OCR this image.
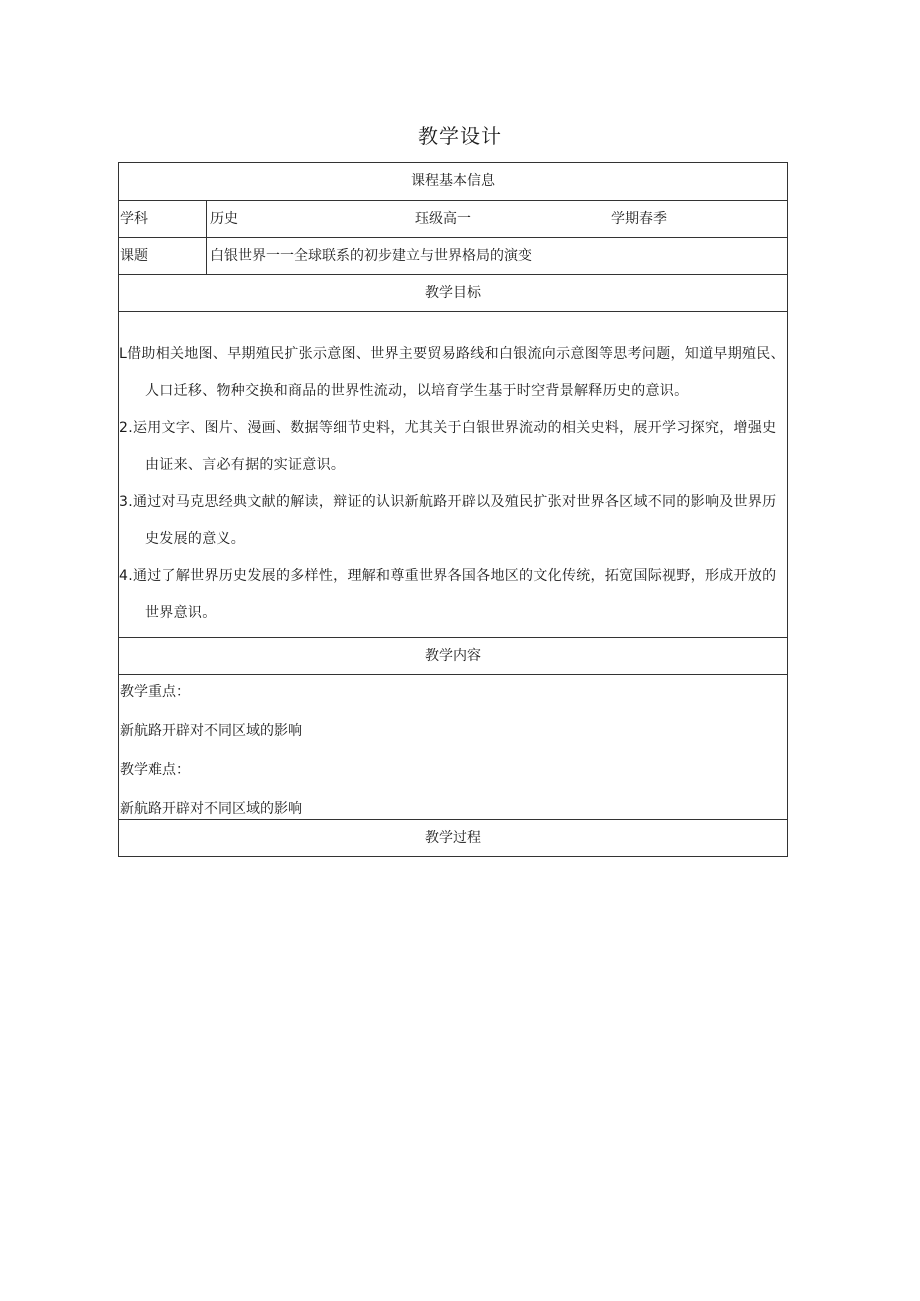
教学设计
课程基本信息
学科	历史	珏级高一	学期春季
课题	白银世界一一全球联系的初步建立与世界格局的演变
教学目标
L借助相关地图、早期殖民扩张示意图、世界主要贸易路线和白银流向示意图等思考问题，知道早期殖民、人口迁移、物种交换和商品的世界性流动，以培育学生基于时空背景解释历史的意识。
2.运用文字、图片、漫画、数据等细节史料，尤其关于白银世界流动的相关史料，展开学习探究，增强史由证来、言必有据的实证意识。
3.通过对马克思经典文献的解读，辩证的认识新航路开辟以及殖民扩张对世界各区域不同的影响及世界历史发展的意义。
4.通过了解世界历史发展的多样性，理解和尊重世界各国各地区的文化传统，拓宽国际视野，形成开放的世界意识。
教学内容
教学重点：
新航路开辟对不同区域的影响
教学难点：
新航路开辟对不同区域的影响
教学过程
